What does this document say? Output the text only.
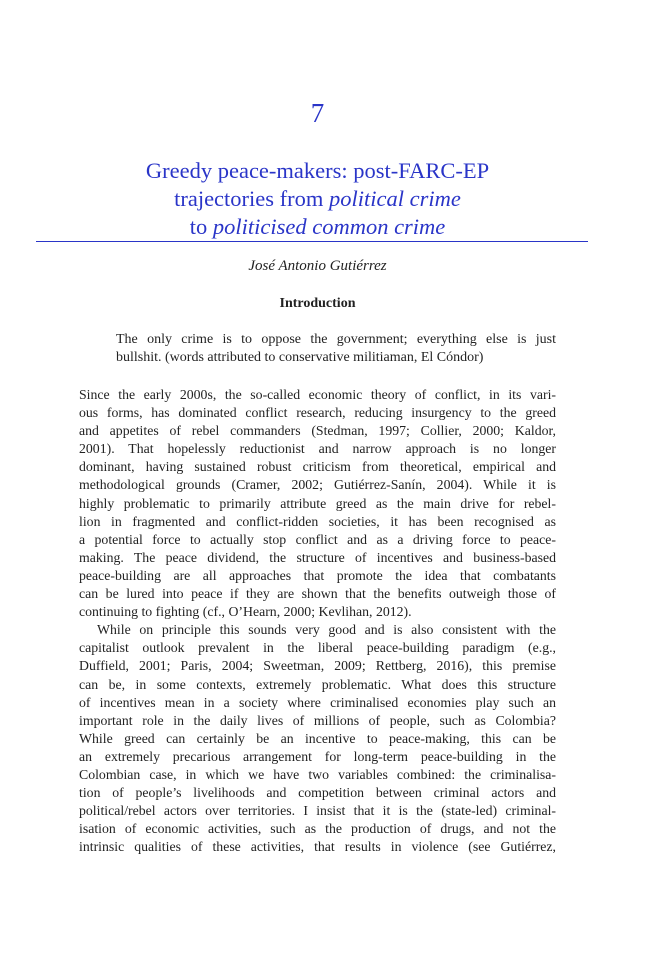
7
Greedy peace-makers: post-FARC-EP
trajectories from political crime
to politicised common crime
José Antonio Gutiérrez
Introduction
The only crime is to oppose the government; everything else is just
bullshit. (words attributed to conservative militiaman, El Cóndor)
Since the early 2000s, the so-called economic theory of conflict, in its vari-
ous forms, has dominated conflict research, reducing insurgency to the greed
and appetites of rebel commanders (Stedman, 1997; Collier, 2000; Kaldor,
2001). That hopelessly reductionist and narrow approach is no longer
dominant, having sustained robust criticism from theoretical, empirical and
methodological grounds (Cramer, 2002; Gutiérrez-Sanín, 2004). While it is
highly problematic to primarily attribute greed as the main drive for rebel-
lion in fragmented and conflict-ridden societies, it has been recognised as
a potential force to actually stop conflict and as a driving force to peace-
making. The peace dividend, the structure of incentives and business-based
peace-building are all approaches that promote the idea that combatants
can be lured into peace if they are shown that the benefits outweigh those of
continuing to fighting (cf., O’Hearn, 2000; Kevlihan, 2012).
While on principle this sounds very good and is also consistent with the
capitalist outlook prevalent in the liberal peace-building paradigm (e.g.,
Duffield, 2001; Paris, 2004; Sweetman, 2009; Rettberg, 2016), this premise
can be, in some contexts, extremely problematic. What does this structure
of incentives mean in a society where criminalised economies play such an
important role in the daily lives of millions of people, such as Colombia?
While greed can certainly be an incentive to peace-making, this can be
an extremely precarious arrangement for long-term peace-building in the
Colombian case, in which we have two variables combined: the criminalisa-
tion of people’s livelihoods and competition between criminal actors and
political/rebel actors over territories. I insist that it is the (state-led) criminal-
isation of economic activities, such as the production of drugs, and not the
intrinsic qualities of these activities, that results in violence (see Gutiérrez,
